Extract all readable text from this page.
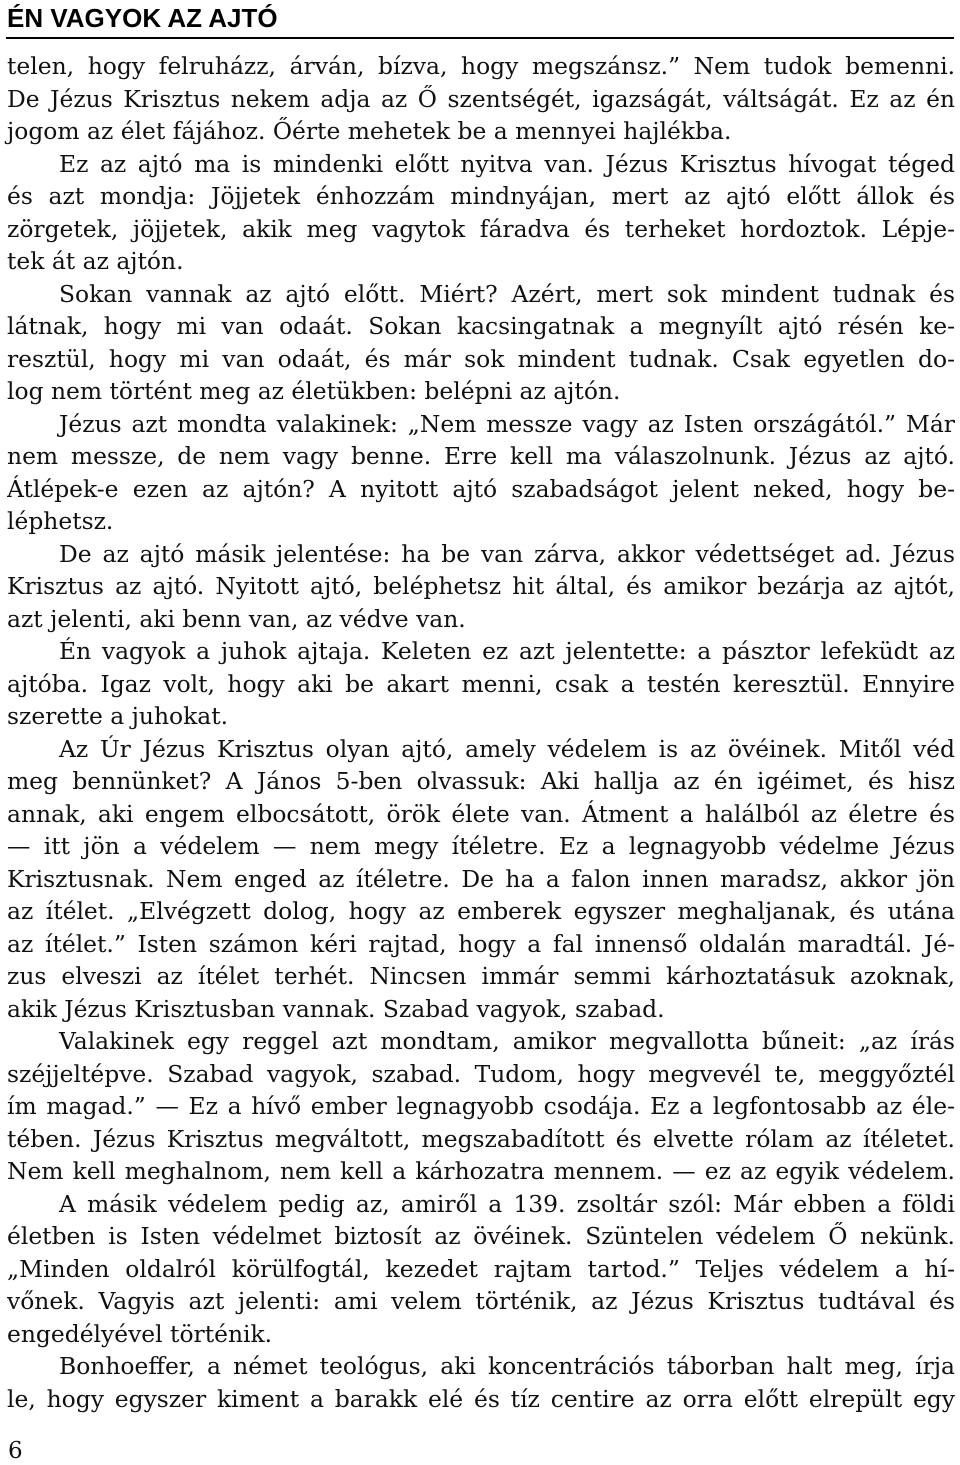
ÉN VAGYOK AZ AJTÓ
telen, hogy felruházz, árván, bízva, hogy megszánsz.” Nem tudok bemenni.
De Jézus Krisztus nekem adja az Ő szentségét, igazságát, váltságát. Ez az én
jogom az élet fájához. Őérte mehetek be a mennyei hajlékba.
Ez az ajtó ma is mindenki előtt nyitva van. Jézus Krisztus hívogat téged
és azt mondja: Jöjjetek énhozzám mindnyájan, mert az ajtó előtt állok és
zörgetek, jöjjetek, akik meg vagytok fáradva és terheket hordoztok. Lépje-
tek át az ajtón.
Sokan vannak az ajtó előtt. Miért? Azért, mert sok mindent tudnak és
látnak, hogy mi van odaát. Sokan kacsingatnak a megnyílt ajtó résén ke-
resztül, hogy mi van odaát, és már sok mindent tudnak. Csak egyetlen do-
log nem történt meg az életükben: belépni az ajtón.
Jézus azt mondta valakinek: „Nem messze vagy az Isten országától.” Már
nem messze, de nem vagy benne. Erre kell ma válaszolnunk. Jézus az ajtó.
Átlépek-e ezen az ajtón? A nyitott ajtó szabadságot jelent neked, hogy be-
léphetsz.
De az ajtó másik jelentése: ha be van zárva, akkor védettséget ad. Jézus
Krisztus az ajtó. Nyitott ajtó, beléphetsz hit által, és amikor bezárja az ajtót,
azt jelenti, aki benn van, az védve van.
Én vagyok a juhok ajtaja. Keleten ez azt jelentette: a pásztor lefeküdt az
ajtóba. Igaz volt, hogy aki be akart menni, csak a testén keresztül. Ennyire
szerette a juhokat.
Az Úr Jézus Krisztus olyan ajtó, amely védelem is az övéinek. Mitől véd
meg bennünket? A János 5-ben olvassuk: Aki hallja az én igéimet, és hisz
annak, aki engem elbocsátott, örök élete van. Átment a halálból az életre és
— itt jön a védelem — nem megy ítéletre. Ez a legnagyobb védelme Jézus
Krisztusnak. Nem enged az ítéletre. De ha a falon innen maradsz, akkor jön
az ítélet. „Elvégzett dolog, hogy az emberek egyszer meghaljanak, és utána
az ítélet.” Isten számon kéri rajtad, hogy a fal innenső oldalán maradtál. Jé-
zus elveszi az ítélet terhét. Nincsen immár semmi kárhoztatásuk azoknak,
akik Jézus Krisztusban vannak. Szabad vagyok, szabad.
Valakinek egy reggel azt mondtam, amikor megvallotta bűneit: „az írás
széjjeltépve. Szabad vagyok, szabad. Tudom, hogy megvevél te, meggyőztél
ím magad.” — Ez a hívő ember legnagyobb csodája. Ez a legfontosabb az éle-
tében. Jézus Krisztus megváltott, megszabadított és elvette rólam az ítéletet.
Nem kell meghalnom, nem kell a kárhozatra mennem. — ez az egyik védelem.
A másik védelem pedig az, amiről a 139. zsoltár szól: Már ebben a földi
életben is Isten védelmet biztosít az övéinek. Szüntelen védelem Ő nekünk.
„Minden oldalról körülfogtál, kezedet rajtam tartod.” Teljes védelem a hí-
vőnek. Vagyis azt jelenti: ami velem történik, az Jézus Krisztus tudtával és
engedélyével történik.
Bonhoeffer, a német teológus, aki koncentrációs táborban halt meg, írja
le, hogy egyszer kiment a barakk elé és tíz centire az orra előtt elrepült egy
6
